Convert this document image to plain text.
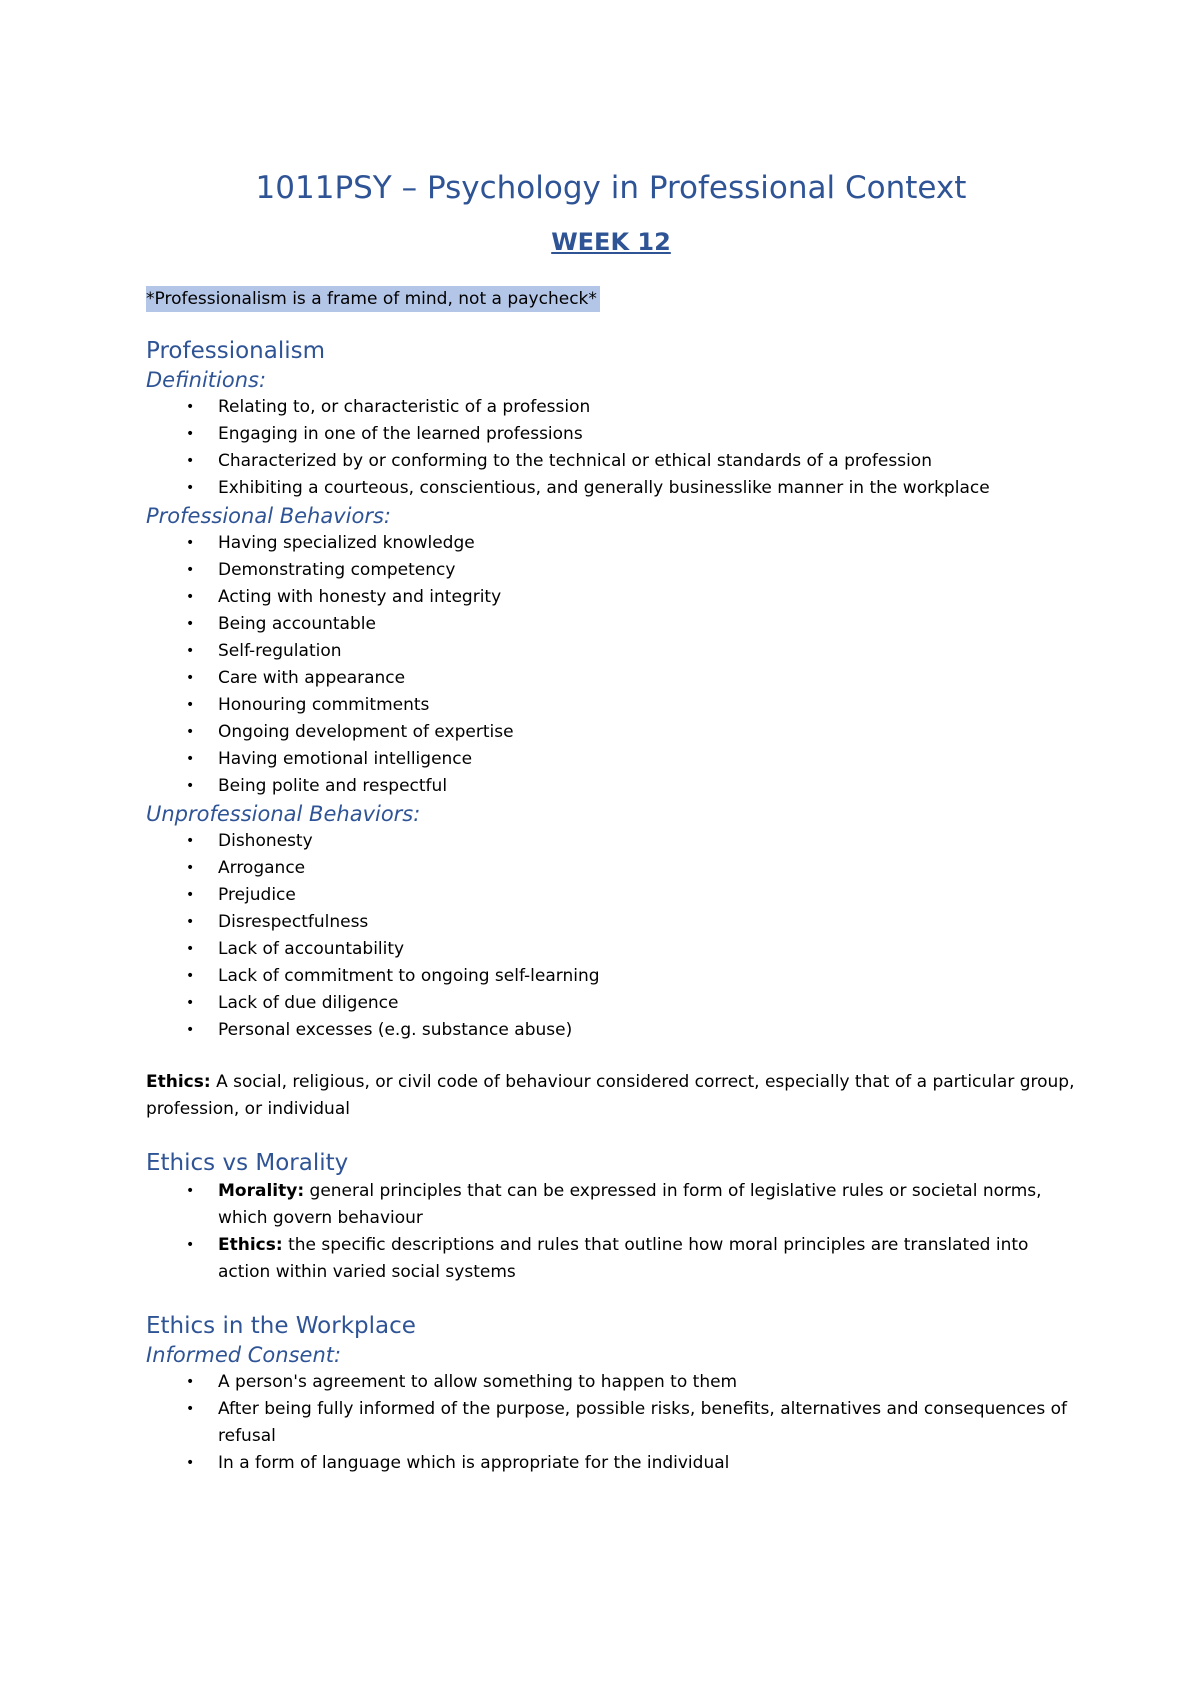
1011PSY – Psychology in Professional Context
WEEK 12
*Professionalism is a frame of mind, not a paycheck*
Professionalism
Definitions:
• Relating to, or characteristic of a profession
• Engaging in one of the learned professions
• Characterized by or conforming to the technical or ethical standards of a profession
• Exhibiting a courteous, conscientious, and generally businesslike manner in the workplace
Professional Behaviors:
• Having specialized knowledge
• Demonstrating competency
• Acting with honesty and integrity
• Being accountable
• Self-regulation
• Care with appearance
• Honouring commitments
• Ongoing development of expertise
• Having emotional intelligence
• Being polite and respectful
Unprofessional Behaviors:
• Dishonesty
• Arrogance
• Prejudice
• Disrespectfulness
• Lack of accountability
• Lack of commitment to ongoing self-learning
• Lack of due diligence
• Personal excesses (e.g. substance abuse)

Ethics: A social, religious, or civil code of behaviour considered correct, especially that of a particular group, profession, or individual

Ethics vs Morality
• Morality: general principles that can be expressed in form of legislative rules or societal norms, which govern behaviour
• Ethics: the specific descriptions and rules that outline how moral principles are translated into action within varied social systems
Ethics in the Workplace
Informed Consent:
• A person's agreement to allow something to happen to them
• After being fully informed of the purpose, possible risks, benefits, alternatives and consequences of refusal
• In a form of language which is appropriate for the individual
